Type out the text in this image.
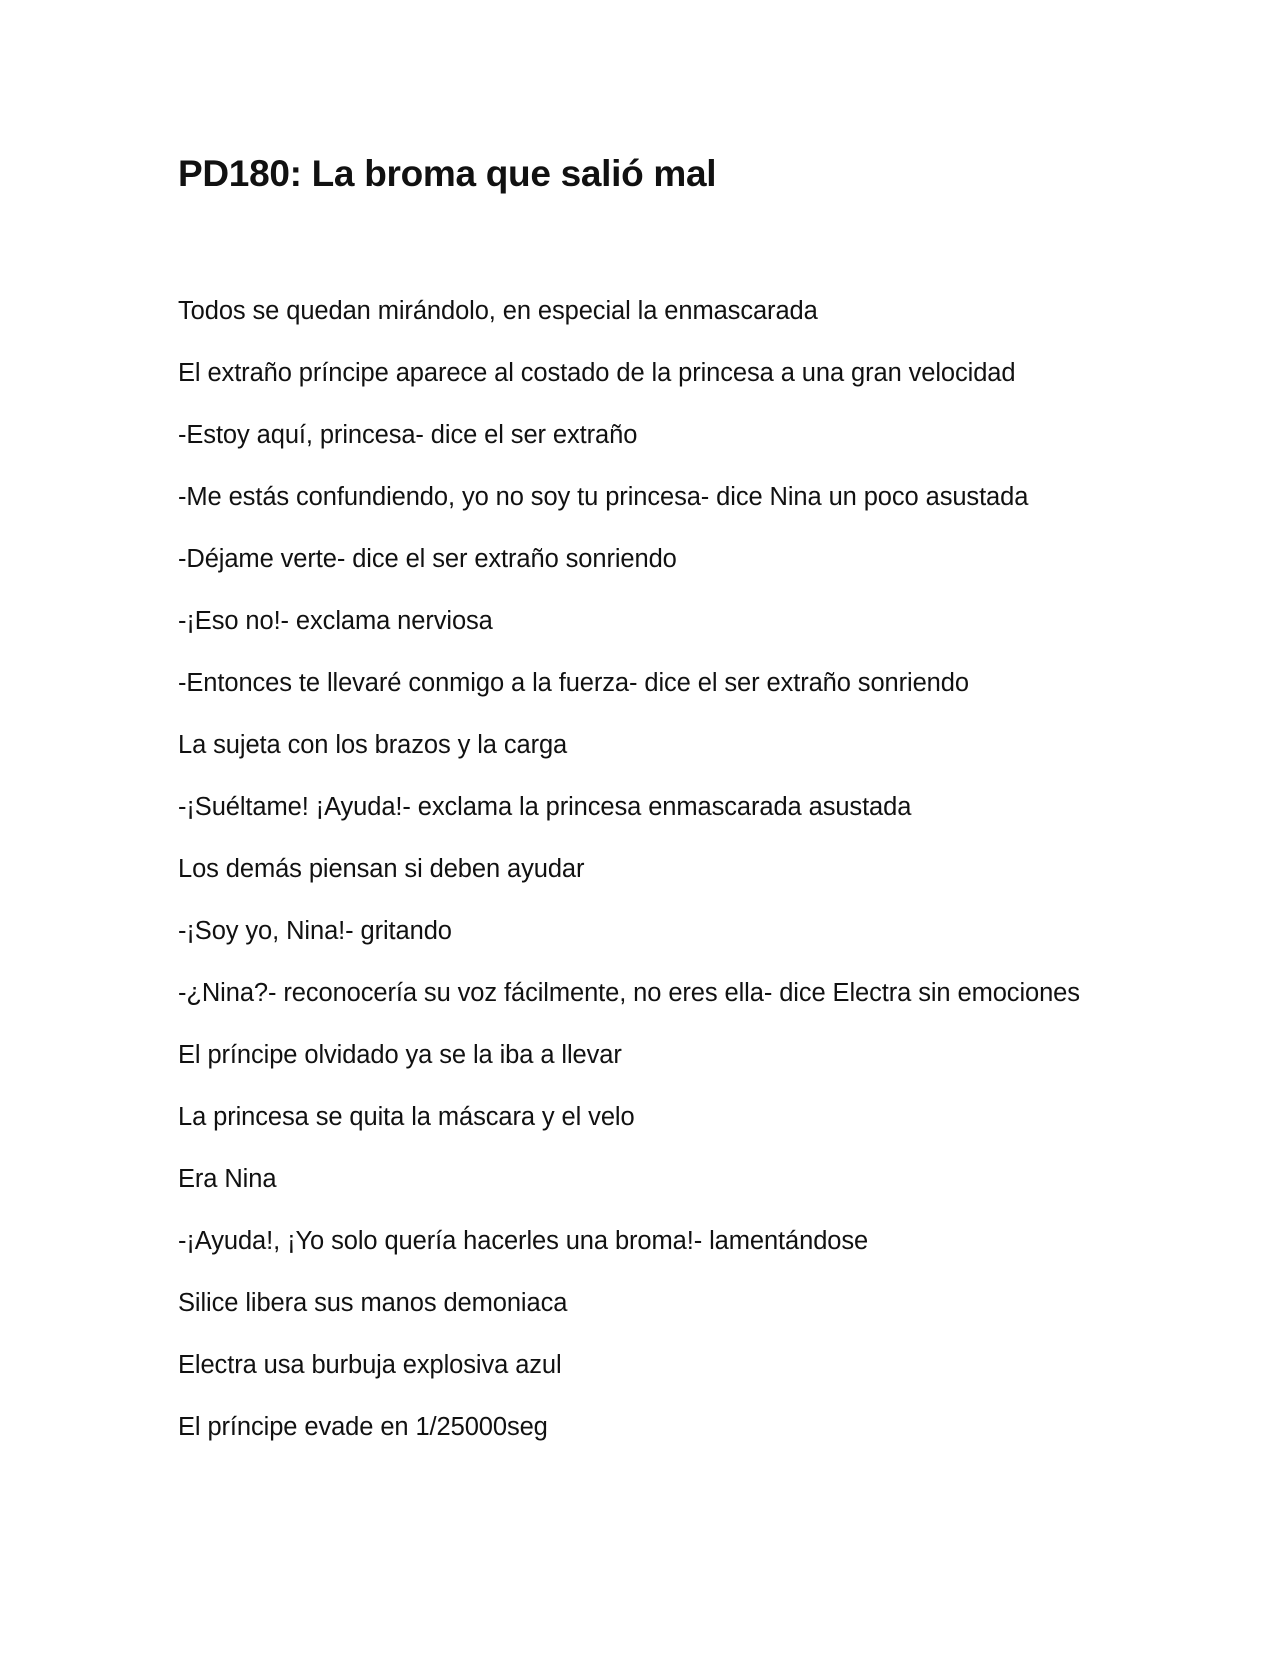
PD180: La broma que salió mal

Todos se quedan mirándolo, en especial la enmascarada

El extraño príncipe aparece al costado de la princesa a una gran velocidad

-Estoy aquí, princesa- dice el ser extraño

-Me estás confundiendo, yo no soy tu princesa- dice Nina un poco asustada

-Déjame verte- dice el ser extraño sonriendo

-¡Eso no!- exclama nerviosa

-Entonces te llevaré conmigo a la fuerza- dice el ser extraño sonriendo

La sujeta con los brazos y la carga

-¡Suéltame! ¡Ayuda!- exclama la princesa enmascarada asustada

Los demás piensan si deben ayudar

-¡Soy yo, Nina!- gritando

-¿Nina?- reconocería su voz fácilmente, no eres ella- dice Electra sin emociones

El príncipe olvidado ya se la iba a llevar

La princesa se quita la máscara y el velo

Era Nina

-¡Ayuda!, ¡Yo solo quería hacerles una broma!- lamentándose

Silice libera sus manos demoniaca

Electra usa burbuja explosiva azul

El príncipe evade en 1/25000seg
